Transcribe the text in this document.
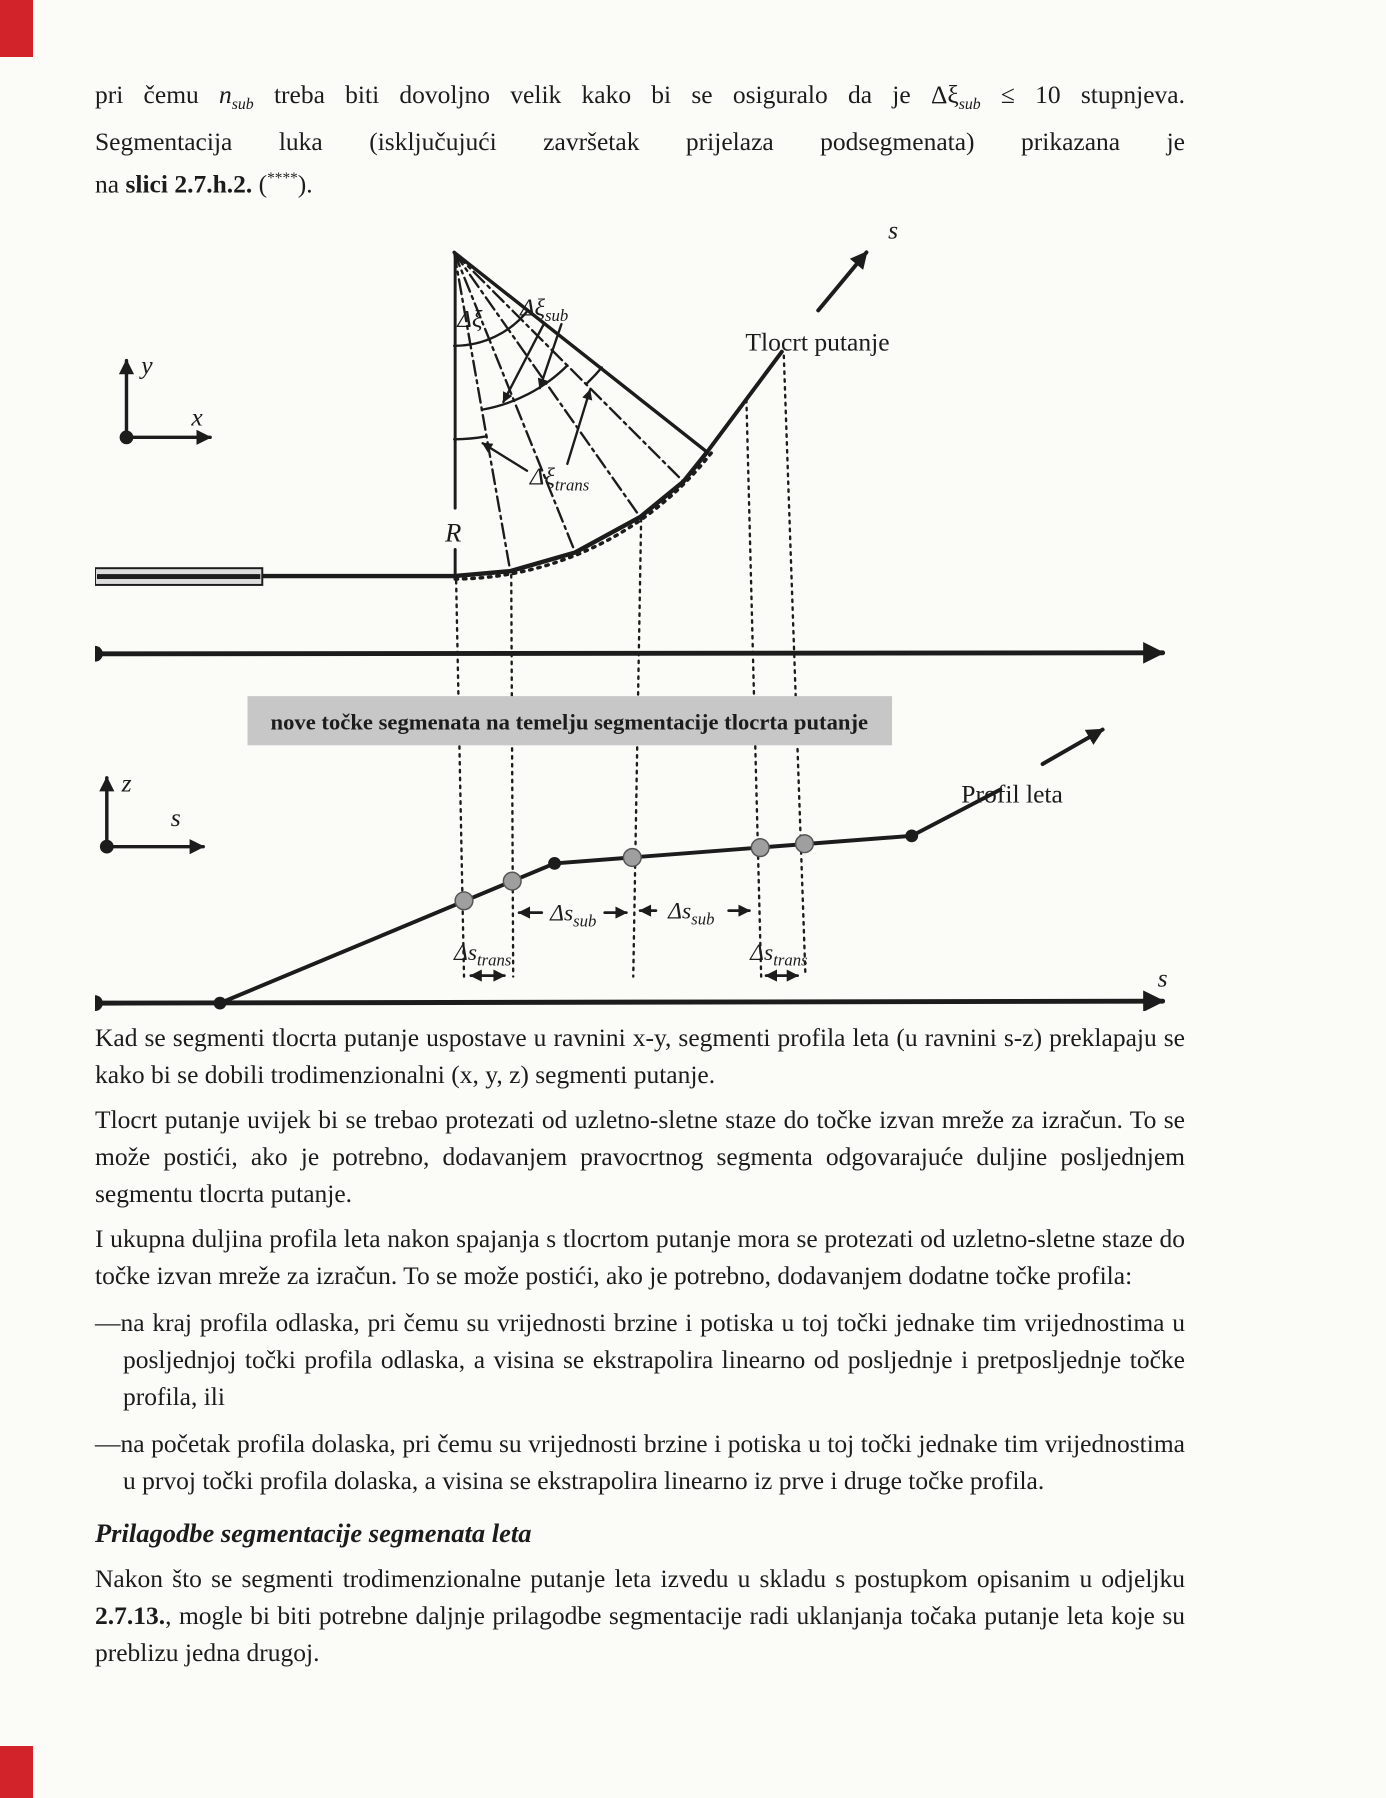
pri čemu $n_{sub}$ treba biti dovoljno velik kako bi se osiguralo da je $\Delta\xi_{sub} \le 10$ stupnjeva.
Segmentacija luka (isključujući završetak prijelaza podsegmenata) prikazana je
na slici 2.7.h.2. (****).
nove točke segmenata na temelju segmentacije tlocrta putanje
y
x
s
R
Δξ $\Delta\xi_{sub}$
$\Delta\xi_{trans}$
Tlocrt putanje
z
s
Profil leta
s
$\Delta s_{sub}$	$\Delta s_{sub}$
$\Delta s_{trans}$	$\Delta s_{trans}$

Kad se segmenti tlocrta putanje uspostave u ravnini x-y, segmenti profila leta (u ravnini s-z) preklapaju se kako bi se dobili trodimenzionalni (x, y, z) segmenti putanje.

Tlocrt putanje uvijek bi se trebao protezati od uzletno-sletne staze do točke izvan mreže za izračun. To se može postići, ako je potrebno, dodavanjem pravocrtnog segmenta odgovarajuće duljine posljednjem segmentu tlocrta putanje.

I ukupna duljina profila leta nakon spajanja s tlocrtom putanje mora se protezati od uzletno-sletne staze do točke izvan mreže za izračun. To se može postići, ako je potrebno, dodavanjem dodatne točke profila:

—na kraj profila odlaska, pri čemu su vrijednosti brzine i potiska u toj točki jednake tim vrijednostima u posljednjoj točki profila odlaska, a visina se ekstrapolira linearno od posljednje i pretposljednje točke profila, ili

—na početak profila dolaska, pri čemu su vrijednosti brzine i potiska u toj točki jednake tim vrijednostima u prvoj točki profila dolaska, a visina se ekstrapolira linearno iz prve i druge točke profila.

Prilagodbe segmentacije segmenata leta

Nakon što se segmenti trodimenzionalne putanje leta izvedu u skladu s postupkom opisanim u odjeljku 2.7.13., mogle bi biti potrebne daljnje prilagodbe segmentacije radi uklanjanja točaka putanje leta koje su preblizu jedna drugoj.
